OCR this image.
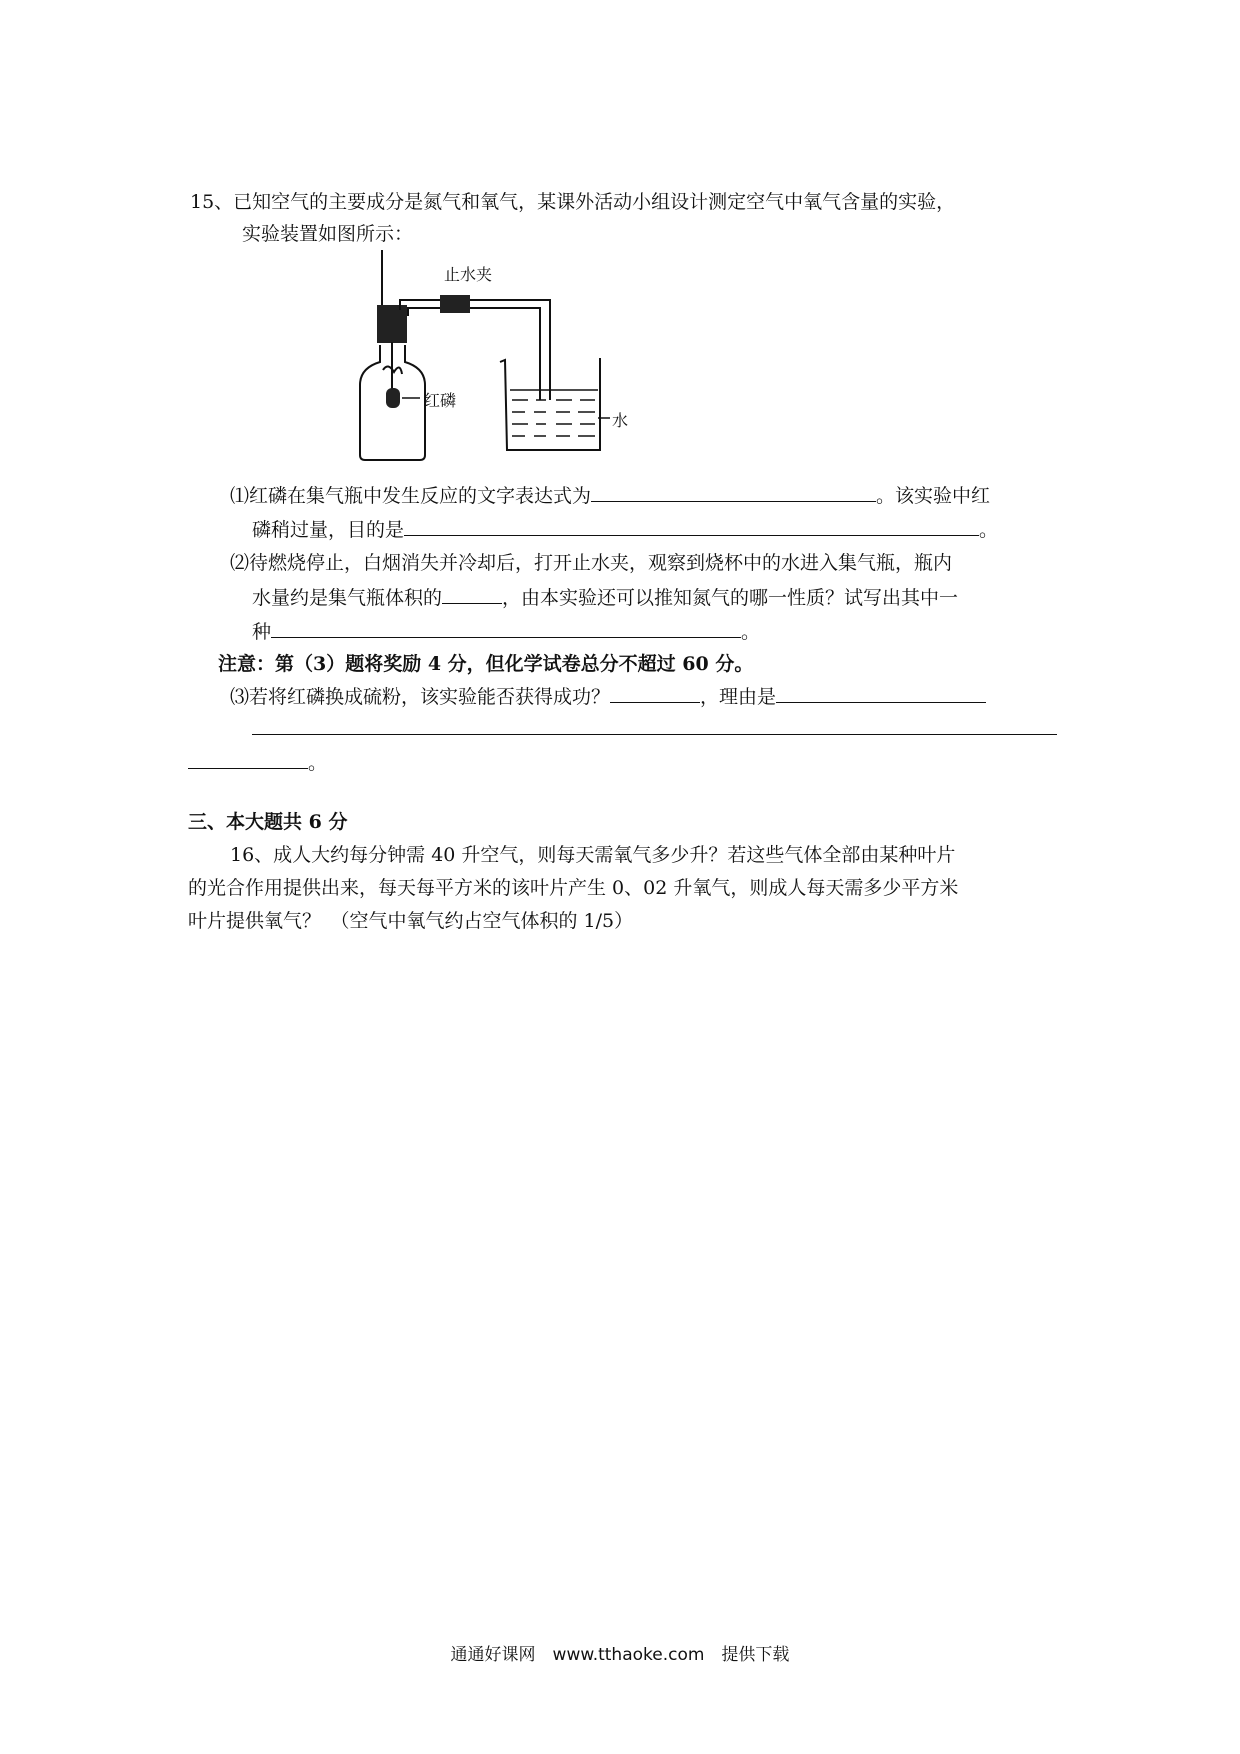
15、已知空气的主要成分是氮气和氧气，某课外活动小组设计测定空气中氧气含量的实验，
实验装置如图所示：
止水夹
红磷
水
⑴红磷在集气瓶中发生反应的文字表达式为	。该实验中红
磷稍过量，目的是	。
⑵待燃烧停止，白烟消失并冷却后，打开止水夹，观察到烧杯中的水进入集气瓶，瓶内
水量约是集气瓶体积的	，由本实验还可以推知氮气的哪一性质？试写出其中一
种	。
注意：第（3）题将奖励 4 分，但化学试卷总分不超过 60 分。
⑶若将红磷换成硫粉，该实验能否获得成功？	，理由是
。
三、本大题共 6 分
16、成人大约每分钟需 40 升空气，则每天需氧气多少升？若这些气体全部由某种叶片
的光合作用提供出来，每天每平方米的该叶片产生 0、02 升氧气，则成人每天需多少平方米
叶片提供氧气？　（空气中氧气约占空气体积的 1/5）
通通好课网　www.tthaoke.com　提供下载
